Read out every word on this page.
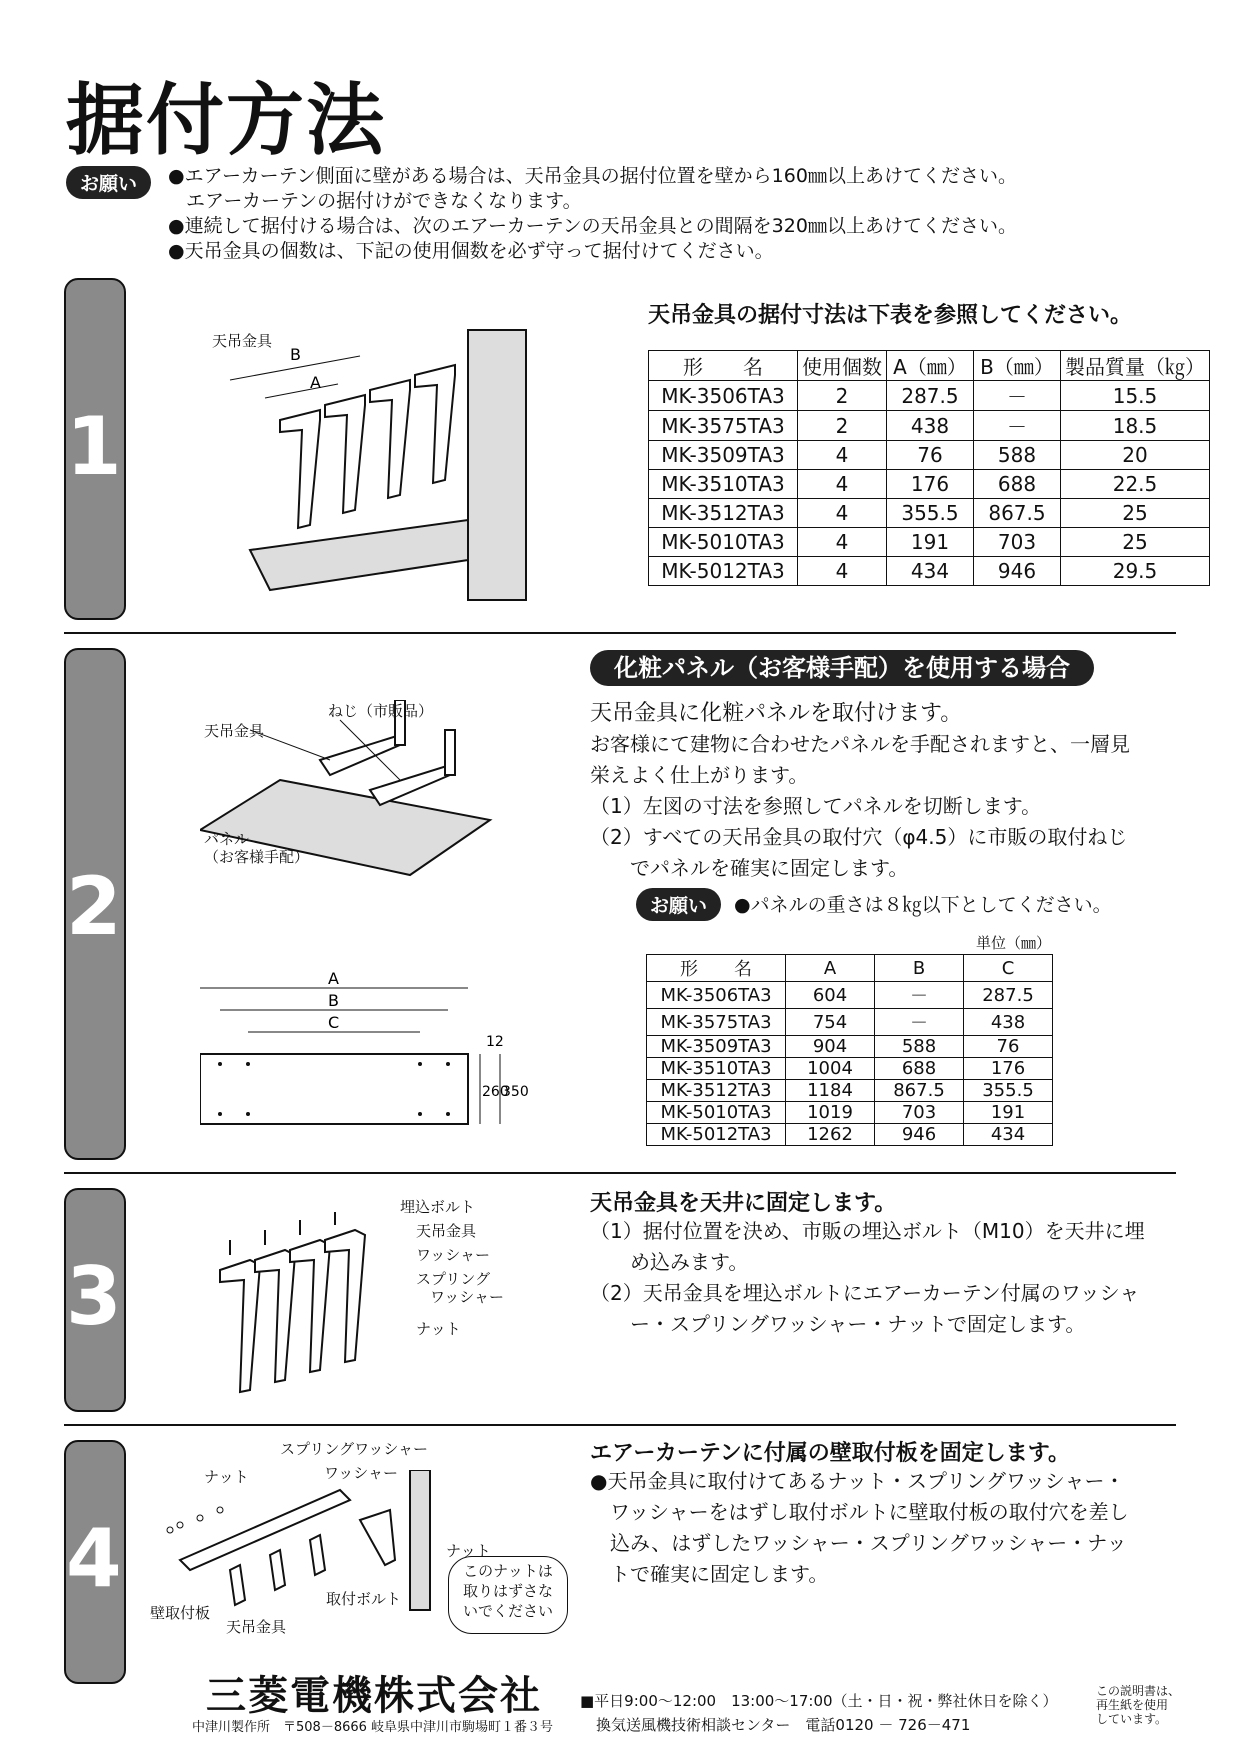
据付方法
お願い	●エアーカーテン側面に壁がある場合は、天吊金具の据付位置を壁から160㎜以上あけてください。
エアーカーテンの据付けができなくなります。
●連続して据付ける場合は、次のエアーカーテンの天吊金具との間隔を320㎜以上あけてください。
●天吊金具の個数は、下記の使用個数を必ず守って据付けてください。
1
2
3
4
B
A
天吊金具
天吊金具の据付寸法は下表を参照してください。
形　　名	使用個数	A（㎜）	B（㎜）	製品質量（㎏）
MK-3506TA3	2	287.5	－	15.5
MK-3575TA3	2	438	－	18.5
MK-3509TA3	4	76	588	20
MK-3510TA3	4	176	688	22.5
MK-3512TA3	4	355.5	867.5	25
MK-5010TA3	4	191	703	25
MK-5012TA3	4	434	946	29.5
化粧パネル（お客様手配）を使用する場合
天吊金具に化粧パネルを取付けます。
お客様にて建物に合わせたパネルを手配されますと、一層見
栄えよく仕上がります。
（1）左図の寸法を参照してパネルを切断します。
（2）すべての天吊金具の取付穴（φ4.5）に市販の取付ねじ
　　でパネルを確実に固定します。
お願い	●パネルの重さは８㎏以下としてください。
ねじ（市販品）
天吊金具
パネル
（お客様手配）
A
B
C
12
260
350
単位（㎜）
形　　名	A	B	C
MK-3506TA3	604	－	287.5
MK-3575TA3	754	－	438
MK-3509TA3	904	588	76
MK-3510TA3	1004	688	176
MK-3512TA3	1184	867.5	355.5
MK-5010TA3	1019	703	191
MK-5012TA3	1262	946	434
天吊金具を天井に固定します。
（1）据付位置を決め、市販の埋込ボルト（M10）を天井に埋
　　め込みます。
（2）天吊金具を埋込ボルトにエアーカーテン付属のワッシャ
　　ー・スプリングワッシャー・ナットで固定します。
埋込ボルト
天吊金具
ワッシャー
スプリング
ワッシャー
ナット
エアーカーテンに付属の壁取付板を固定します。
●天吊金具に取付けてあるナット・スプリングワッシャー・
　ワッシャーをはずし取付ボルトに壁取付板の取付穴を差し
　込み、はずしたワッシャー・スプリングワッシャー・ナッ
　トで確実に固定します。
スプリングワッシャー
ナット	ワッシャー
ナット
このナットは
取りはずさな
いでください
取付ボルト
壁取付板
天吊金具
三菱電機株式会社
中津川製作所　〒508－8666 岐阜県中津川市駒場町１番３号
■平日9:00～12:00　13:00～17:00（土・日・祝・弊社休日を除く）
換気送風機技術相談センター　電話0120 － 726－471
この説明書は、
再生紙を使用
しています。
